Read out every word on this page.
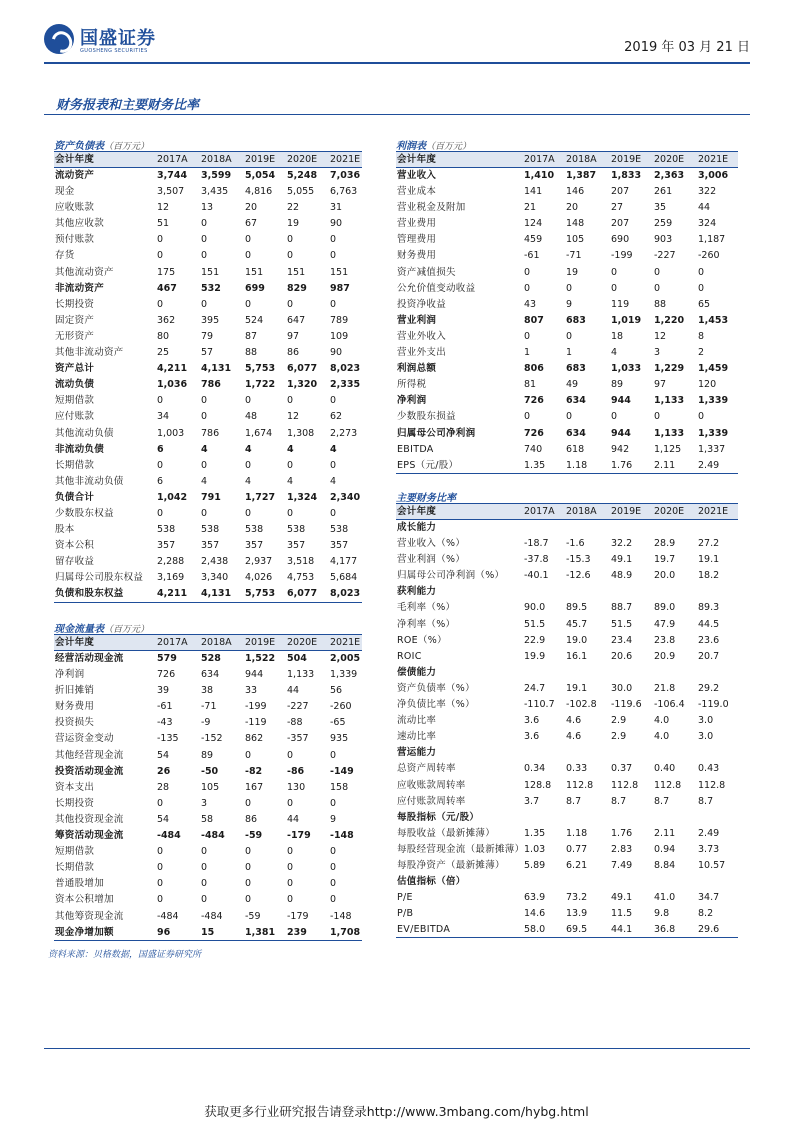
国盛证券
GUOSHENG SECURITIES	2019 年 03 月 21 日
财务报表和主要财务比率
资产负债表（百万元）
会计年度	2017A 2018A 2019E 2020E 2021E
流动资产	3,744 3,599 5,054 5,248 7,036
现金	3,507 3,435 4,816 5,055 6,763
应收账款	12	13	20	22	31
其他应收款	51	0	67	19	90
预付账款	0	0	0	0	0
存货	0	0	0	0	0
其他流动资产	175	151	151	151	151
非流动资产	467	532	699 829 987
长期投资	0	0	0	0	0
固定资产	362	395	524	647	789
无形资产	80	79	87	97	109
其他非流动资产	25	57	88	86	90
资产总计	4,211 4,131 5,753 6,077 8,023
流动负债	1,036 786	1,722 1,320 2,335
短期借款	0	0	0	0	0
应付账款	34	0	48	12	62
其他流动负债	1,003 786	1,674 1,308 2,273
非流动负债	6	4	4	4	4
长期借款	0	0	0	0	0
其他非流动负债	6	4	4	4	4
负债合计	1,042 791	1,727 1,324 2,340
少数股东权益	0	0	0	0	0
股本	538	538	538	538	538
资本公积	357	357	357	357	357
留存收益	2,288 2,438 2,937 3,518 4,177
归属母公司股东权益 3,169 3,340 4,026 4,753 5,684
负债和股东权益	4,211 4,131 5,753 6,077 8,023
现金流量表（百万元）
会计年度	2017A 2018A 2019E 2020E 2021E
经营活动现金流	579	528	1,522 504 2,005
净利润	726	634	944	1,133 1,339
折旧摊销	39	38	33	44	56
财务费用	-61	-71	-199 -227 -260
投资损失	-43	-9	-119 -88	-65
营运资金变动	-135 -152 862	-357 935
其他经营现金流	54	89	0	0	0
投资活动现金流	26	-50	-82	-86	-149
资本支出	28	105	167	130	158
长期投资	0	3	0	0	0
其他投资现金流	54	58	86	44	9
筹资活动现金流	-484 -484 -59	-179 -148
短期借款	0	0	0	0	0
长期借款	0	0	0	0	0
普通股增加	0	0	0	0	0
资本公积增加	0	0	0	0	0
其他筹资现金流	-484 -484 -59	-179 -148
现金净增加额	96	15	1,381 239 1,708
利润表（百万元）
会计年度	2017A 2018A 2019E 2020E 2021E
营业收入	1,410 1,387 1,833 2,363 3,006
营业成本	141	146	207	261	322
营业税金及附加	21	20	27	35	44
营业费用	124	148	207	259	324
管理费用	459	105	690	903	1,187
财务费用	-61	-71	-199 -227 -260
资产减值损失	0	19	0	0	0
公允价值变动收益	0	0	0	0	0
投资净收益	43	9	119	88	65
营业利润	807 683	1,019 1,220 1,453
营业外收入	0	0	18	12	8
营业外支出	1	1	4	3	2
利润总额	806 683	1,033 1,229 1,459
所得税	81	49	89	97	120
净利润	726 634	944 1,133 1,339
少数股东损益	0	0	0	0	0
归属母公司净利润	726 634	944 1,133 1,339
EBITDA	740	618	942	1,125 1,337
EPS（元/股）	1.35 1.18	1.76 2.11 2.49
主要财务比率
会计年度	2017A 2018A 2019E 2020E 2021E
成长能力
营业收入（%）	-18.7 -1.6	32.2 28.9 27.2
营业利润（%）	-37.8 -15.3 49.1 19.7 19.1
归属母公司净利润（%） -40.1 -12.6 48.9 20.0 18.2
获利能力
毛利率（%）	90.0 89.5	88.7 89.0 89.3
净利率（%）	51.5 45.7	51.5 47.9 44.5
ROE（%）	22.9 19.0	23.4 23.8 23.6
ROIC	19.9 16.1	20.6 20.9 20.7
偿债能力
资产负债率（%）	24.7 19.1	30.0 21.8 29.2
净负债比率（%）	-110.7 -102.8 -119.6 -106.4 -119.0
流动比率	3.6	4.6	2.9	4.0	3.0
速动比率	3.6	4.6	2.9	4.0	3.0
营运能力
总资产周转率	0.34 0.33	0.37 0.40 0.43
应收账款周转率	128.8 112.8 112.8 112.8 112.8
应付账款周转率	3.7	8.7	8.7	8.7	8.7
每股指标（元/股）
每股收益（最新摊薄）	1.35 1.18	1.76 2.11 2.49
每股经营现金流（最新摊薄） 1.03 0.77	2.83 0.94 3.73
每股净资产（最新摊薄） 5.89 6.21	7.49 8.84 10.57
估值指标（倍）
P/E	63.9 73.2	49.1 41.0 34.7
P/B	14.6 13.9	11.5 9.8	8.2
EV/EBITDA	58.0 69.5	44.1 36.8 29.6
资料来源：贝格数据，国盛证券研究所
获取更多行业研究报告请登录http://www.3mbang.com/hybg.html
